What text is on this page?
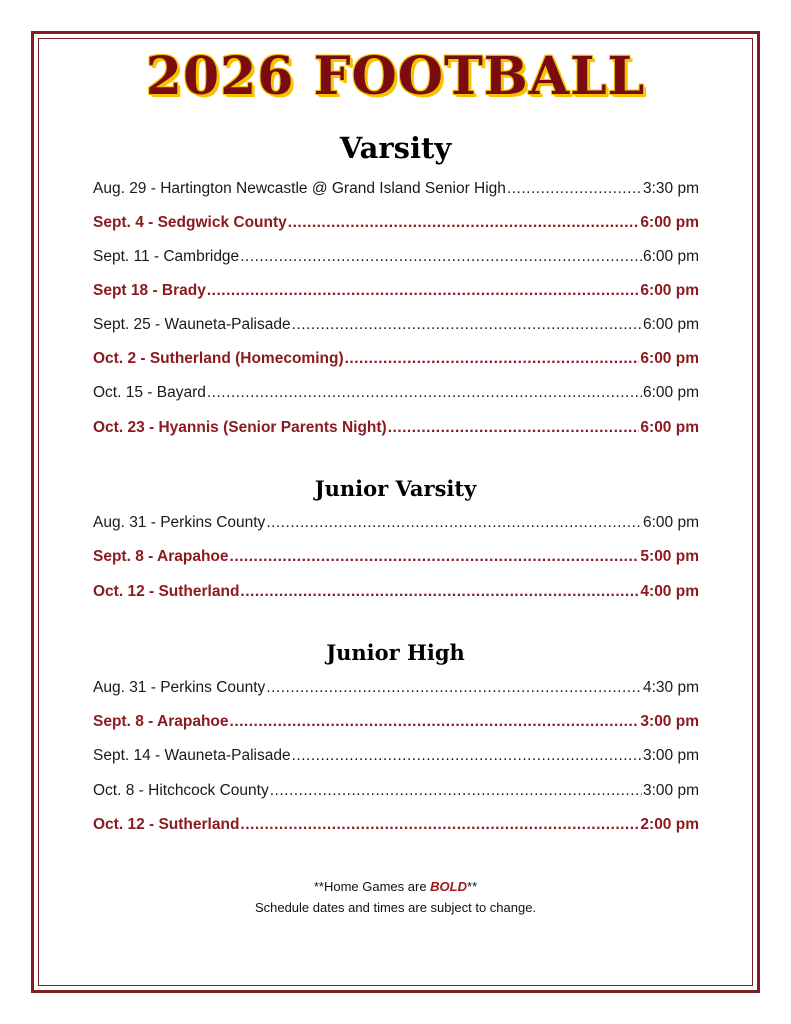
2026 FOOTBALL
Varsity
Aug. 29 - Hartington Newcastle @ Grand Island Senior High .....	3:30 pm
Sept. 4 - Sedgwick County .....	6:00 pm
Sept. 11 - Cambridge .....	6:00 pm
Sept 18 - Brady .....	6:00 pm
Sept. 25 - Wauneta-Palisade .....	6:00 pm
Oct. 2 - Sutherland (Homecoming) .....	6:00 pm
Oct. 15 - Bayard .....	6:00 pm
Oct. 23 - Hyannis (Senior Parents Night) .....	6:00 pm
Junior Varsity
Aug. 31 - Perkins County .....	6:00 pm
Sept. 8 - Arapahoe .....	5:00 pm
Oct. 12 - Sutherland .....	4:00 pm
Junior High
Aug. 31 - Perkins County .....	4:30 pm
Sept. 8 - Arapahoe .....	3:00 pm
Sept. 14 - Wauneta-Palisade .....	3:00 pm
Oct. 8 - Hitchcock County .....	3:00 pm
Oct. 12 - Sutherland .....	2:00 pm
**Home Games are BOLD**
Schedule dates and times are subject to change.
